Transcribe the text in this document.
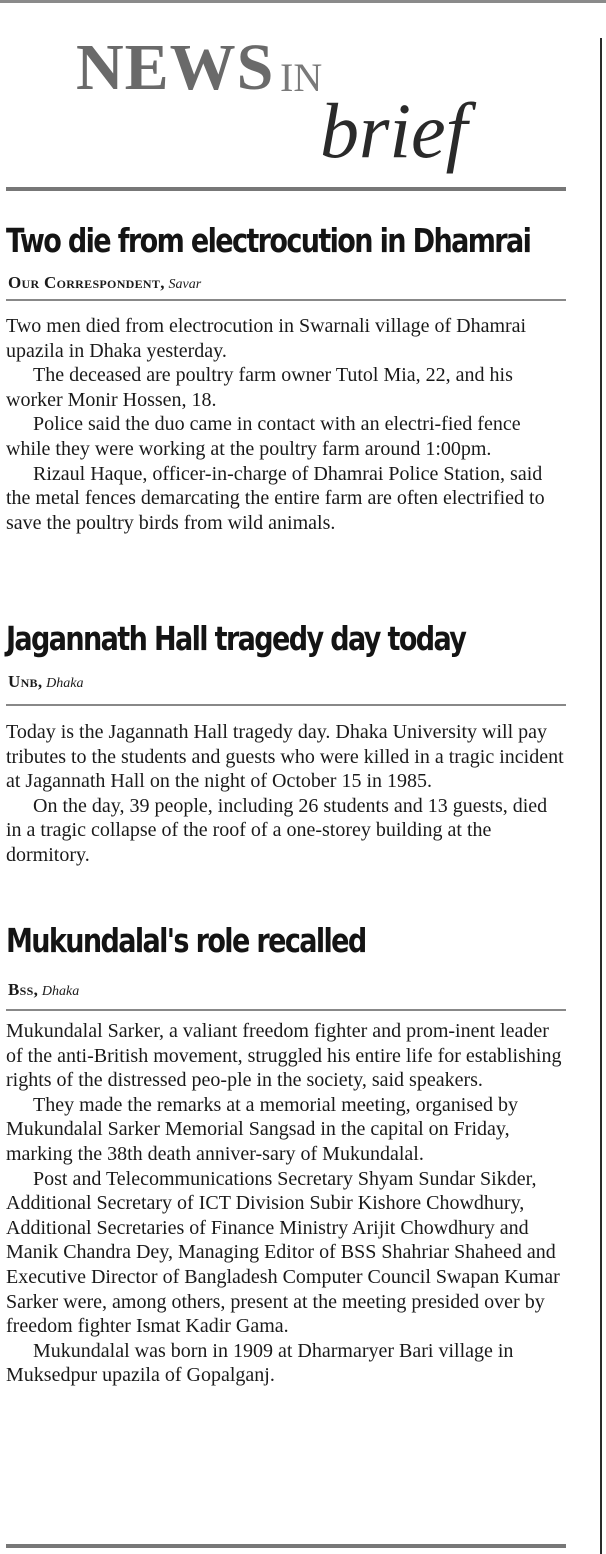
NEWS IN
brief
Two die from electrocution in Dhamrai
Our Correspondent, Savar

Two men died from electrocution in Swarnali village of Dhamrai upazila in Dhaka yesterday.

The deceased are poultry farm owner Tutol Mia, 22, and his worker Monir Hossen, 18.

Police said the duo came in contact with an electri-fied fence while they were working at the poultry farm around 1:00pm.

Rizaul Haque, officer-in-charge of Dhamrai Police Station, said the metal fences demarcating the entire farm are often electrified to save the poultry birds from wild animals.

Jagannath Hall tragedy day today
Unb, Dhaka

Today is the Jagannath Hall tragedy day. Dhaka University will pay tributes to the students and guests who were killed in a tragic incident at Jagannath Hall on the night of October 15 in 1985.

On the day, 39 people, including 26 students and 13 guests, died in a tragic collapse of the roof of a one-storey building at the dormitory.

Mukundalal's role recalled
Bss, Dhaka

Mukundalal Sarker, a valiant freedom fighter and prom-inent leader of the anti-British movement, struggled his entire life for establishing rights of the distressed peo-ple in the society, said speakers.

They made the remarks at a memorial meeting, organised by Mukundalal Sarker Memorial Sangsad in the capital on Friday, marking the 38th death anniver-sary of Mukundalal.

Post and Telecommunications Secretary Shyam Sundar Sikder, Additional Secretary of ICT Division Subir Kishore Chowdhury, Additional Secretaries of Finance Ministry Arijit Chowdhury and Manik Chandra Dey, Managing Editor of BSS Shahriar Shaheed and Executive Director of Bangladesh Computer Council Swapan Kumar Sarker were, among others, present at the meeting presided over by freedom fighter Ismat Kadir Gama.

Mukundalal was born in 1909 at Dharmaryer Bari village in Muksedpur upazila of Gopalganj.
